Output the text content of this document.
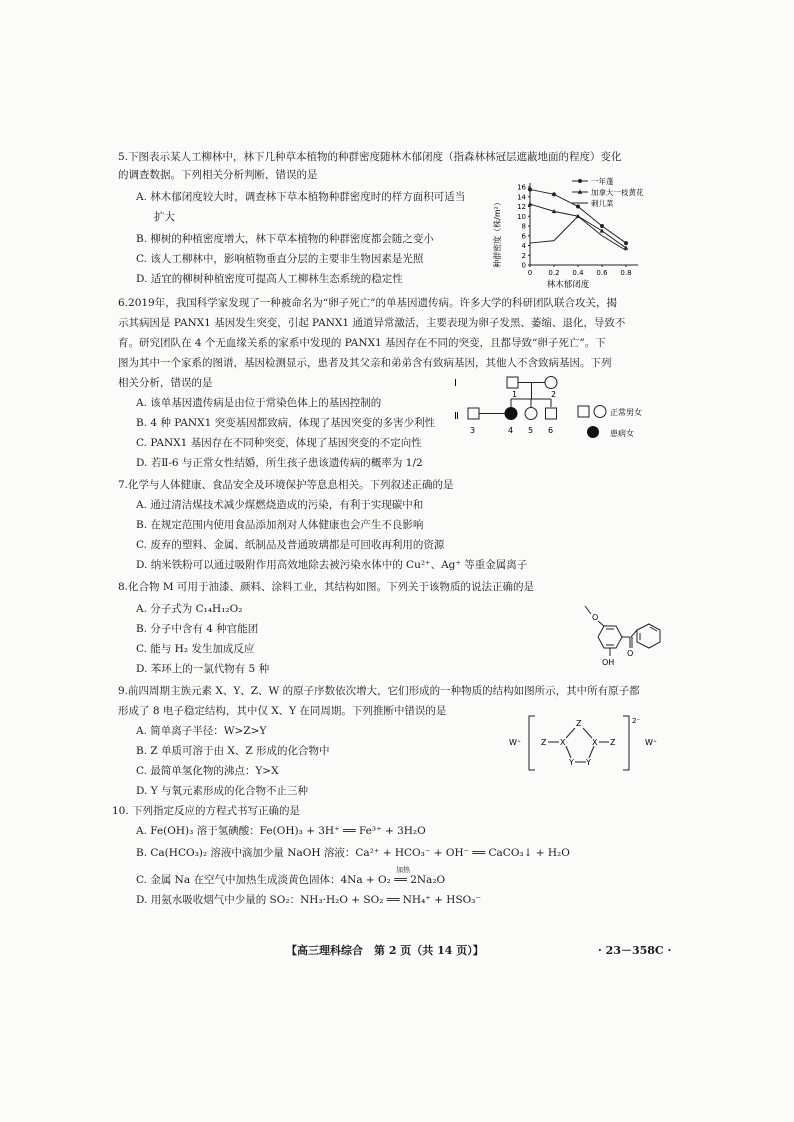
5.下图表示某人工柳林中，林下几种草本植物的种群密度随林木郁闭度（指森林林冠层遮蔽地面的程度）变化
的调查数据。下列相关分析判断，错误的是
A. 林木郁闭度较大时，调查林下草本植物种群密度时的样方面积可适当
扩大
B. 柳树的种植密度增大，林下草本植物的种群密度都会随之变小
C. 该人工柳林中，影响植物垂直分层的主要非生物因素是光照
D. 适宜的柳树种植密度可提高人工柳林生态系统的稳定性
0
2
4
6
8
10
12
14
16
0 0.2 0.4 0.6 0.8
一年蓬
加拿大一枝黄花
刺儿菜
种群密度（株/m²）
林木郁闭度
6.2019年，我国科学家发现了一种被命名为“卵子死亡”的单基因遗传病。许多大学的科研团队联合攻关，揭
示其病因是 PANX1 基因发生突变，引起 PANX1 通道异常激活，主要表现为卵子发黑、萎缩、退化，导致不
育。研究团队在 4 个无血缘关系的家系中发现的 PANX1 基因存在不同的突变，且都导致“卵子死亡”。下
图为其中一个家系的图谱，基因检测显示，患者及其父亲和弟弟含有致病基因，其他人不含致病基因。下列
相关分析，错误的是
A. 该单基因遗传病是由位于常染色体上的基因控制的
B. 4 种 PANX1 突变基因都致病，体现了基因突变的多害少利性
C. PANX1 基因存在不同种突变，体现了基因突变的不定向性
D. 若Ⅱ-6 与正常女性结婚，所生孩子患该遗传病的概率为 1/2
Ⅰ
Ⅱ
1	2
3	4 5 6
正常男女
患病女
7.化学与人体健康、食品安全及环境保护等息息相关。下列叙述正确的是
A. 通过清洁煤技术减少煤燃烧造成的污染，有利于实现碳中和
B. 在规定范围内使用食品添加剂对人体健康也会产生不良影响
C. 废弃的塑料、金属、纸制品及普通玻璃都是可回收再利用的资源
D. 纳米铁粉可以通过吸附作用高效地除去被污染水体中的 Cu²⁺、Ag⁺ 等重金属离子
8.化合物 M 可用于油漆、颜料、涂料工业，其结构如图。下列关于该物质的说法正确的是
A. 分子式为 C₁₄H₁₂O₂
B. 分子中含有 4 种官能团
C. 能与 H₂ 发生加成反应
D. 苯环上的一氯代物有 5 种
O
OH
O
9.前四周期主族元素 X、Y、Z、W 的原子序数依次增大，它们形成的一种物质的结构如图所示，其中所有原子都
形成了 8 电子稳定结构，其中仅 X、Y 在同周期。下列推断中错误的是
A. 简单离子半径：W>Z>Y
B. Z 单质可溶于由 X、Z 形成的化合物中
C. 最简单氢化物的沸点：Y>X
D. Y 与氧元素形成的化合物不止三种
W⁺
2⁻
W⁺
Z X
Z
X Z
Y Y
10. 下列指定反应的方程式书写正确的是
A. Fe(OH)₃ 溶于氢碘酸：Fe(OH)₃ + 3H⁺ ══ Fe³⁺ + 3H₂O
B. Ca(HCO₃)₂ 溶液中滴加少量 NaOH 溶液：Ca²⁺ + HCO₃⁻ + OH⁻ ══ CaCO₃↓ + H₂O
C. 金属 Na 在空气中加热生成淡黄色固体：4Na + O₂ ══ 2Na₂O
加热
D. 用氨水吸收烟气中少量的 SO₂：NH₃·H₂O + SO₂ ══ NH₄⁺ + HSO₃⁻
【高三理科综合　第 2 页（共 14 页）】	· 23－358C ·
